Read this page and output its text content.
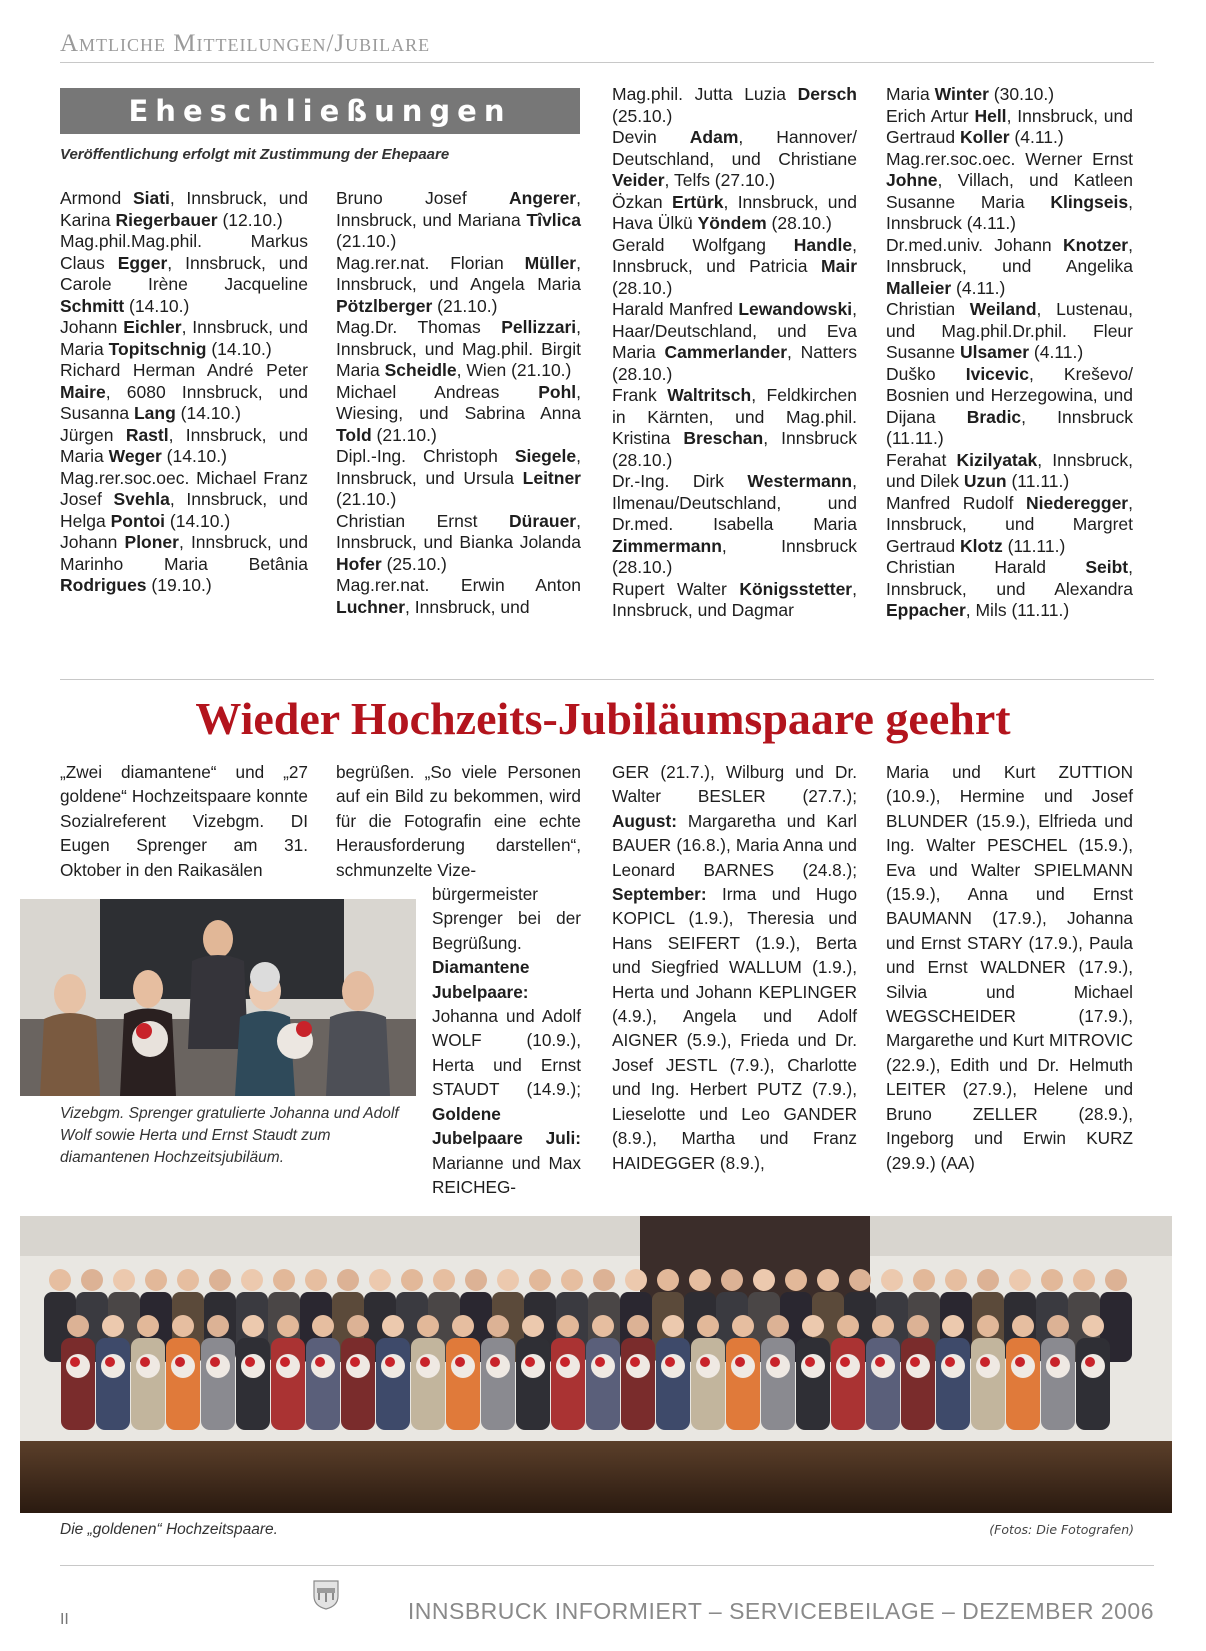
Amtliche Mitteilungen/Jubilare
Eheschließungen
Veröffentlichung erfolgt mit Zustimmung der Ehepaare

Armond Siati, Innsbruck, und Karina Riegerbauer (12.10.)

Mag.phil.Mag.phil. Markus Claus Egger, Innsbruck, und Carole Irène Jacqueline Schmitt (14.10.)

Johann Eichler, Innsbruck, und Maria Topitschnig (14.10.)

Richard Herman André Peter Maire, 6080 Innsbruck, und Susanna Lang (14.10.)

Jürgen Rastl, Innsbruck, und Maria Weger (14.10.)

Mag.rer.soc.oec. Michael Franz Josef Svehla, Innsbruck, und Helga Pontoi (14.10.)

Johann Ploner, Innsbruck, und Marinho Maria Betânia Rodrigues (19.10.)

Bruno Josef Angerer, Innsbruck, und Mariana Tîvlica (21.10.)

Mag.rer.nat. Florian Müller, Innsbruck, und Angela Maria Pötzlberger (21.10.)

Mag.Dr. Thomas Pellizzari, Innsbruck, und Mag.phil. Birgit Maria Scheidle, Wien (21.10.)

Michael Andreas Pohl, Wiesing, und Sabrina Anna Told (21.10.)

Dipl.-Ing. Christoph Siegele, Innsbruck, und Ursula Leitner (21.10.)

Christian Ernst Dürauer, Innsbruck, und Bianka Jolanda Hofer (25.10.)

Mag.rer.nat. Erwin Anton Luchner, Innsbruck, und

Mag.phil. Jutta Luzia Dersch (25.10.)

Devin Adam, Hannover/ Deutschland, und Christiane Veider, Telfs (27.10.)

Özkan Ertürk, Innsbruck, und Hava Ülkü Yöndem (28.10.)

Gerald Wolfgang Handle, Innsbruck, und Patricia Mair (28.10.)

Harald Manfred Lewandowski, Haar/Deutschland, und Eva Maria Cammerlander, Natters (28.10.)

Frank Waltritsch, Feldkirchen in Kärnten, und Mag.phil. Kristina Breschan, Innsbruck (28.10.)

Dr.-Ing. Dirk Westermann, Ilmenau/Deutschland, und Dr.med. Isabella Maria Zimmermann, Innsbruck (28.10.)

Rupert Walter Königsstetter, Innsbruck, und Dagmar

Maria Winter (30.10.)

Erich Artur Hell, Innsbruck, und Gertraud Koller (4.11.)

Mag.rer.soc.oec. Werner Ernst Johne, Villach, und Katleen Susanne Maria Klingseis, Innsbruck (4.11.)

Dr.med.univ. Johann Knotzer, Innsbruck, und Angelika Malleier (4.11.)

Christian Weiland, Lustenau, und Mag.phil.Dr.phil. Fleur Susanne Ulsamer (4.11.)

Duško Ivicevic, Kreševo/ Bosnien und Herzegowina, und Dijana Bradic, Innsbruck (11.11.)

Ferahat Kizilyatak, Innsbruck, und Dilek Uzun (11.11.)

Manfred Rudolf Niederegger, Innsbruck, und Margret Gertraud Klotz (11.11.)

Christian Harald Seibt, Innsbruck, und Alexandra Eppacher, Mils (11.11.)

Wieder Hochzeits-Jubiläumspaare geehrt

„Zwei diamantene“ und „27 goldene“ Hochzeitspaare konnte Sozialreferent Vizebgm. DI Eugen Sprenger am 31. Oktober in den Raikasälen

Vizebgm. Sprenger gratulierte Johanna und Adolf Wolf sowie Herta und Ernst Staudt zum diamantenen Hochzeitsjubiläum.

begrüßen. „So viele Personen auf ein Bild zu bekommen, wird für die Fotografin eine echte Herausforderung darstellen“, schmunzelte Vize-

bürgermeister Sprenger bei der Begrüßung. Diamantene Jubelpaare: Johanna und Adolf WOLF (10.9.), Herta und Ernst STAUDT (14.9.); Goldene Jubelpaare Juli: Marianne und Max REICHEG-

GER (21.7.), Wilburg und Dr. Walter BESLER (27.7.); August: Margaretha und Karl BAUER (16.8.), Maria Anna und Leonard BARNES (24.8.); September: Irma und Hugo KOPICL (1.9.), Theresia und Hans SEIFERT (1.9.), Berta und Siegfried WALLUM (1.9.), Herta und Johann KEPLINGER (4.9.), Angela und Adolf AIGNER (5.9.), Frieda und Dr. Josef JESTL (7.9.), Charlotte und Ing. Herbert PUTZ (7.9.), Lieselotte und Leo GANDER (8.9.), Martha und Franz HAIDEGGER (8.9.),

Maria und Kurt ZUTTION (10.9.), Hermine und Josef BLUNDER (15.9.), Elfrieda und Ing. Walter PESCHEL (15.9.), Eva und Walter SPIELMANN (15.9.), Anna und Ernst BAUMANN (17.9.), Johanna und Ernst STARY (17.9.), Paula und Ernst WALDNER (17.9.), Silvia und Michael WEGSCHEIDER (17.9.), Margarethe und Kurt MITROVIC (22.9.), Edith und Dr. Helmuth LEITER (27.9.), Helene und Bruno ZELLER (28.9.), Ingeborg und Erwin KURZ (29.9.) (AA)

Die „goldenen“ Hochzeitspaare.	(Fotos: Die Fotografen)
II	INNSBRUCK INFORMIERT – SERVICEBEILAGE – DEZEMBER 2006
